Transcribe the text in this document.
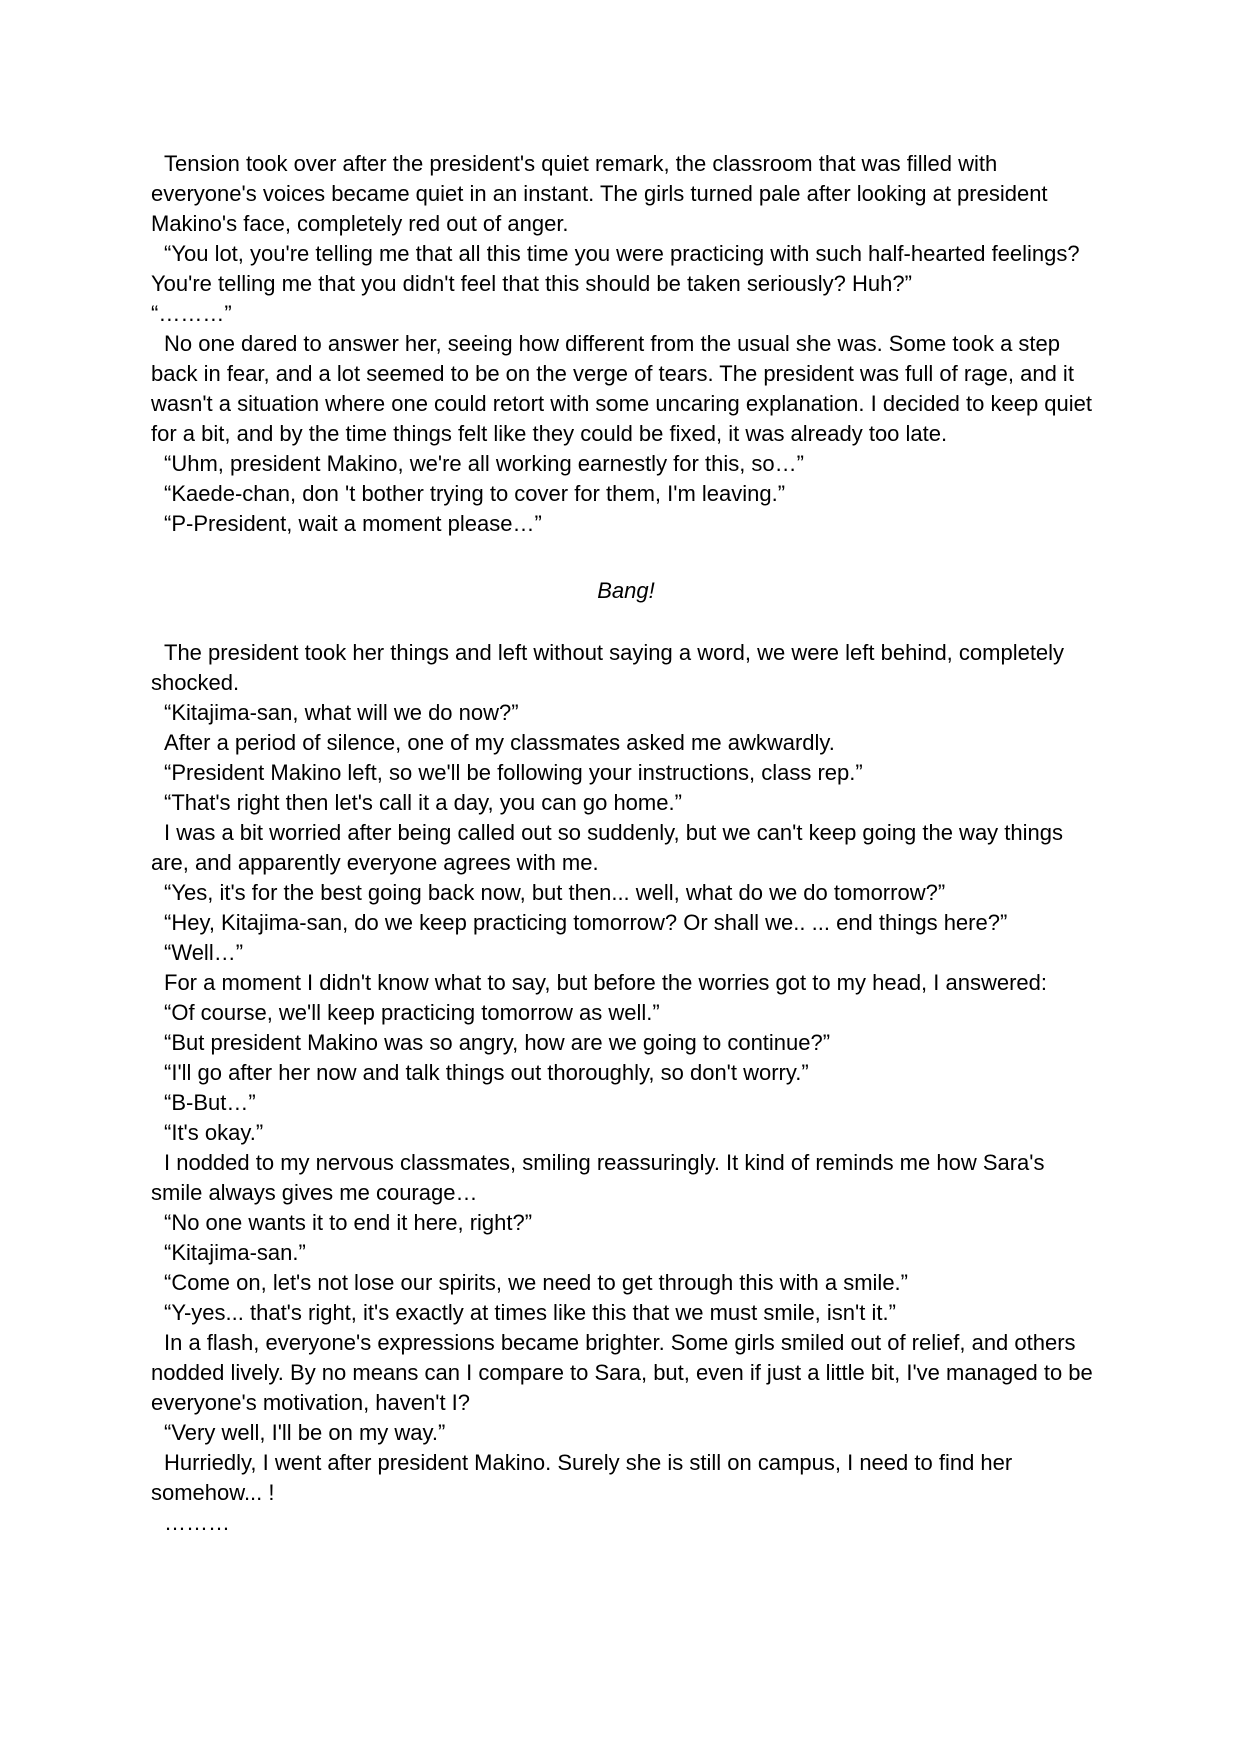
Tension took over after the president's quiet remark, the classroom that was filled with everyone's voices became quiet in an instant. The girls turned pale after looking at president Makino's face, completely red out of anger.

“You lot, you're telling me that all this time you were practicing with such half-hearted feelings? You're telling me that you didn't feel that this should be taken seriously? Huh?”

“………”

No one dared to answer her, seeing how different from the usual she was. Some took a step back in fear, and a lot seemed to be on the verge of tears. The president was full of rage, and it wasn't a situation where one could retort with some uncaring explanation. I decided to keep quiet for a bit, and by the time things felt like they could be fixed, it was already too late.

“Uhm, president Makino, we're all working earnestly for this, so…”

“Kaede-chan, don 't bother trying to cover for them, I'm leaving.”

“P-President, wait a moment please…”

Bang!

The president took her things and left without saying a word, we were left behind, completely shocked.

“Kitajima-san, what will we do now?”

After a period of silence, one of my classmates asked me awkwardly.

“President Makino left, so we'll be following your instructions, class rep.”

“That's right then let's call it a day, you can go home.”

I was a bit worried after being called out so suddenly, but we can't keep going the way things are, and apparently everyone agrees with me.

“Yes, it's for the best going back now, but then... well, what do we do tomorrow?”

“Hey, Kitajima-san, do we keep practicing tomorrow? Or shall we.. ... end things here?”

“Well…”

For a moment I didn't know what to say, but before the worries got to my head, I answered:

“Of course, we'll keep practicing tomorrow as well.”

“But president Makino was so angry, how are we going to continue?”

“I'll go after her now and talk things out thoroughly, so don't worry.”

“B-But…”

“It's okay.”

I nodded to my nervous classmates, smiling reassuringly. It kind of reminds me how Sara's smile always gives me courage…

“No one wants it to end it here, right?”

“Kitajima-san.”

“Come on, let's not lose our spirits, we need to get through this with a smile.”

“Y-yes... that's right, it's exactly at times like this that we must smile, isn't it.”

In a flash, everyone's expressions became brighter. Some girls smiled out of relief, and others nodded lively. By no means can I compare to Sara, but, even if just a little bit, I've managed to be everyone's motivation, haven't I?

“Very well, I'll be on my way.”

Hurriedly, I went after president Makino. Surely she is still on campus, I need to find her somehow... !

………
